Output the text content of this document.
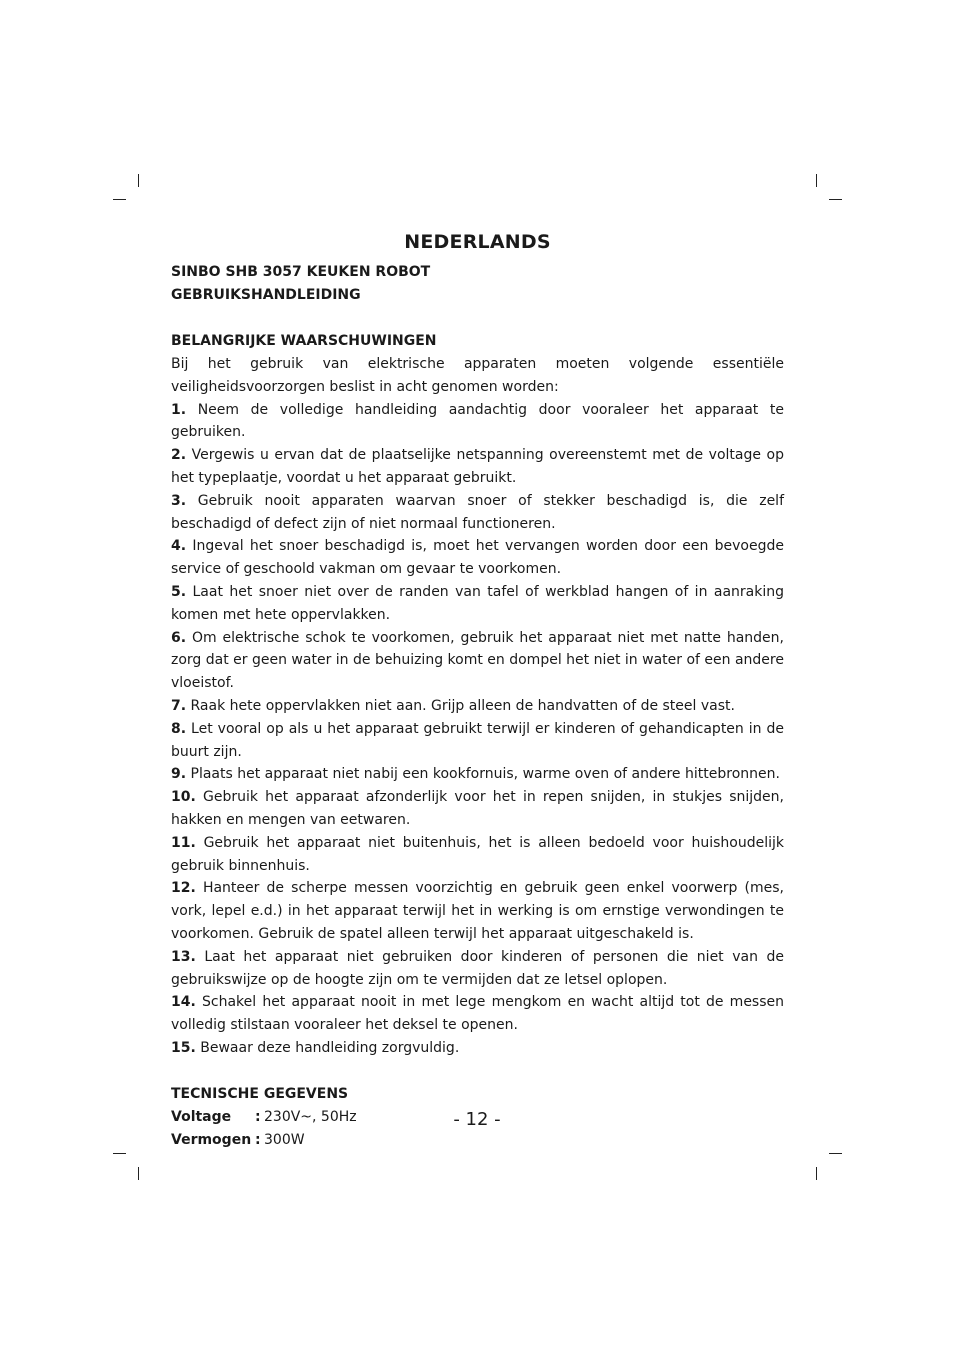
NEDERLANDS
SINBO SHB 3057 KEUKEN ROBOT
GEBRUIKSHANDLEIDING
BELANGRIJKE WAARSCHUWINGEN

Bij het gebruik van elektrische apparaten moeten volgende essentiële veiligheidsvoorzorgen beslist in acht genomen worden:

1. Neem de volledige handleiding aandachtig door vooraleer het apparaat te gebruiken.
2. Vergewis u ervan dat de plaatselijke netspanning overeenstemt met de voltage op het typeplaatje, voordat u het apparaat gebruikt.
3. Gebruik nooit apparaten waarvan snoer of stekker beschadigd is, die zelf beschadigd of defect zijn of niet normaal functioneren.
4. Ingeval het snoer beschadigd is, moet het vervangen worden door een bevoegde service of geschoold vakman om gevaar te voorkomen.
5. Laat het snoer niet over de randen van tafel of werkblad hangen of in aanraking komen met hete oppervlakken.
6. Om elektrische schok te voorkomen, gebruik het apparaat niet met natte handen, zorg dat er geen water in de behuizing komt en dompel het niet in water of een andere vloeistof.
7. Raak hete oppervlakken niet aan. Grijp alleen de handvatten of de steel vast.
8. Let vooral op als u het apparaat gebruikt terwijl er kinderen of gehandicapten in de buurt zijn.
9. Plaats het apparaat niet nabij een kookfornuis, warme oven of andere hittebronnen.
10. Gebruik het apparaat afzonderlijk voor het in repen snijden, in stukjes snijden, hakken en mengen van eetwaren.
11. Gebruik het apparaat niet buitenhuis, het is alleen bedoeld voor huishoudelijk gebruik binnenhuis.
12. Hanteer de scherpe messen voorzichtig en gebruik geen enkel voorwerp (mes, vork, lepel e.d.) in het apparaat terwijl het in werking is om ernstige verwondingen te voorkomen. Gebruik de spatel alleen terwijl het apparaat uitgeschakeld is.
13. Laat het apparaat niet gebruiken door kinderen of personen die niet van de gebruikswijze op de hoogte zijn om te vermijden dat ze letsel oplopen.
14. Schakel het apparaat nooit in met lege mengkom en wacht altijd tot de messen volledig stilstaan vooraleer het deksel te openen.
15. Bewaar deze handleiding zorgvuldig.
TECNISCHE GEGEVENS
Voltage	: 230V~, 50Hz
Vermogen : 300W
- 12 -
